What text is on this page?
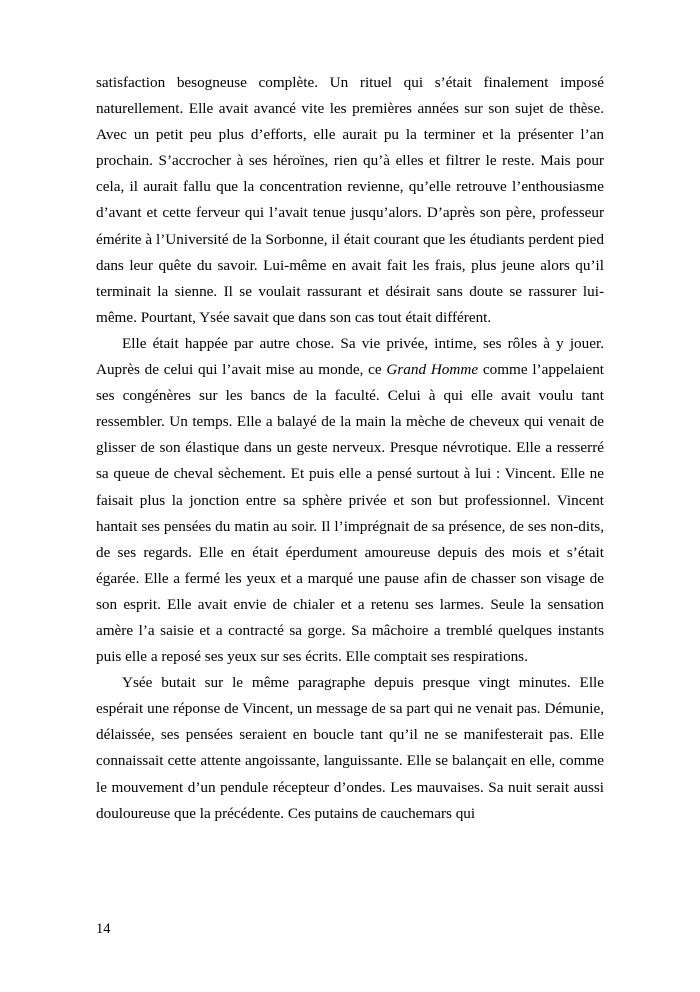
satisfaction besogneuse complète. Un rituel qui s’était finalement imposé naturellement. Elle avait avancé vite les premières années sur son sujet de thèse. Avec un petit peu plus d’efforts, elle aurait pu la terminer et la présenter l’an prochain. S’accrocher à ses héroïnes, rien qu’à elles et filtrer le reste. Mais pour cela, il aurait fallu que la concentration revienne, qu’elle retrouve l’enthousiasme d’avant et cette ferveur qui l’avait tenue jusqu’alors. D’après son père, professeur émérite à l’Université de la Sorbonne, il était courant que les étudiants perdent pied dans leur quête du savoir. Lui-même en avait fait les frais, plus jeune alors qu’il terminait la sienne. Il se voulait rassurant et désirait sans doute se rassurer lui-même. Pourtant, Ysée savait que dans son cas tout était différent.

Elle était happée par autre chose. Sa vie privée, intime, ses rôles à y jouer. Auprès de celui qui l’avait mise au monde, ce Grand Homme comme l’appelaient ses congénères sur les bancs de la faculté. Celui à qui elle avait voulu tant ressembler. Un temps. Elle a balayé de la main la mèche de cheveux qui venait de glisser de son élastique dans un geste nerveux. Presque névrotique. Elle a resserré sa queue de cheval sèchement. Et puis elle a pensé surtout à lui : Vincent. Elle ne faisait plus la jonction entre sa sphère privée et son but professionnel. Vincent hantait ses pensées du matin au soir. Il l’imprégnait de sa présence, de ses non-dits, de ses regards. Elle en était éperdument amoureuse depuis des mois et s’était égarée. Elle a fermé les yeux et a marqué une pause afin de chasser son visage de son esprit. Elle avait envie de chialer et a retenu ses larmes. Seule la sensation amère l’a saisie et a contracté sa gorge. Sa mâchoire a tremblé quelques instants puis elle a reposé ses yeux sur ses écrits. Elle comptait ses respirations.

Ysée butait sur le même paragraphe depuis presque vingt minutes. Elle espérait une réponse de Vincent, un message de sa part qui ne venait pas. Démunie, délaissée, ses pensées seraient en boucle tant qu’il ne se manifesterait pas. Elle connaissait cette attente angoissante, languissante. Elle se balançait en elle, comme le mouvement d’un pendule récepteur d’ondes. Les mauvaises. Sa nuit serait aussi douloureuse que la précédente. Ces putains de cauchemars qui

14
